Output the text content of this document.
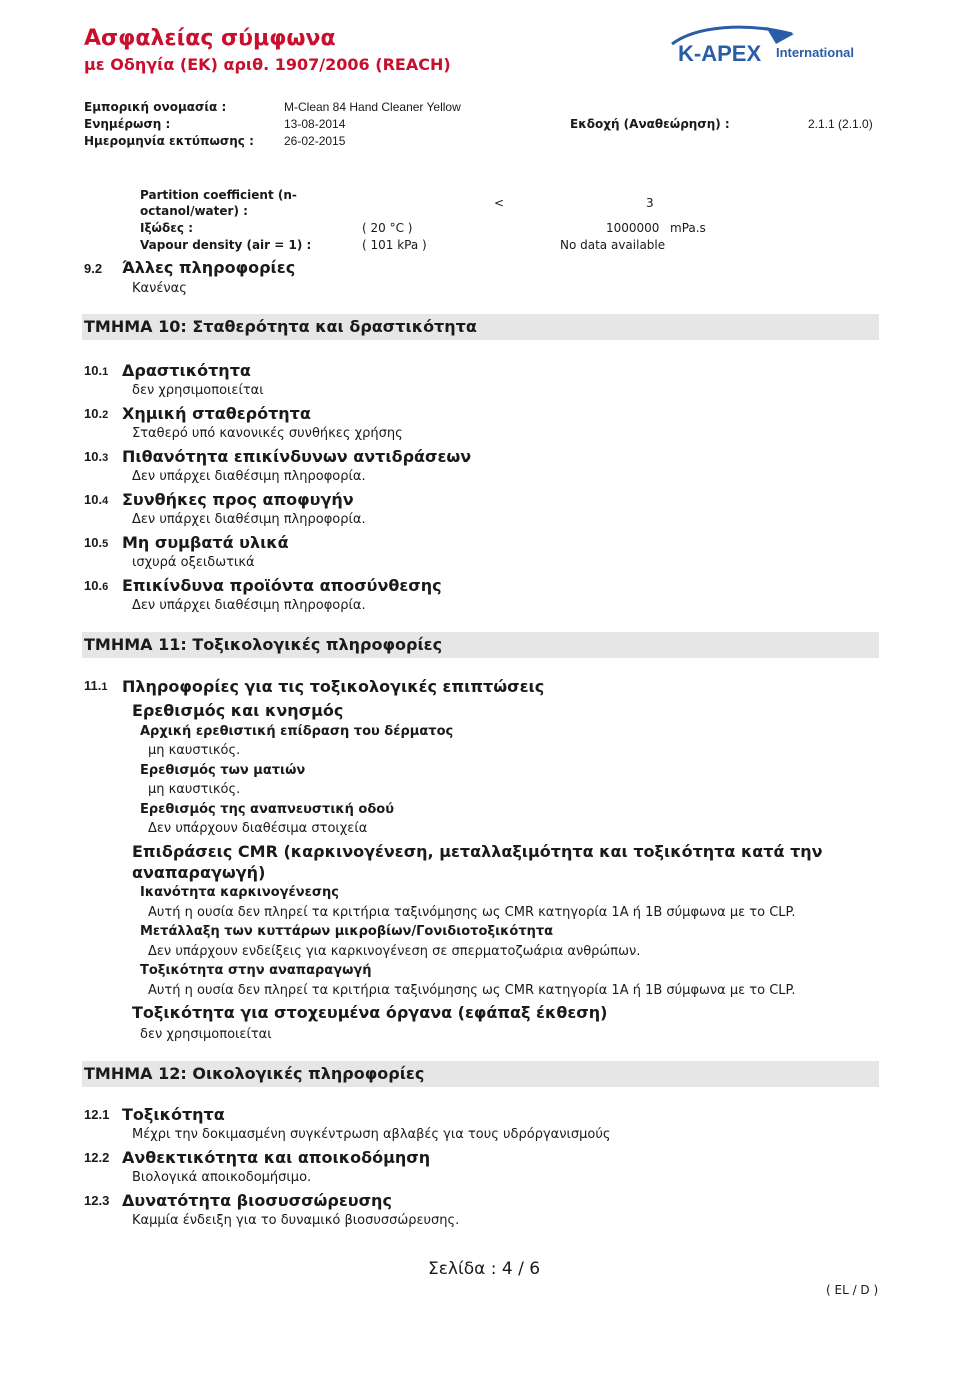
Ασφαλείας σύμφωνα
με Οδηγία (ΕΚ) αριθ. 1907/2006 (REACH)	K-APEX International
Εμπορική ονομασία :	M-Clean 84 Hand Cleaner Yellow
Ενημέρωση :	13-08-2014	Εκδοχή (Αναθεώρηση) :	2.1.1 (2.1.0)
Ημερομηνία εκτύπωσης :	26-02-2015
Partition coefficient (n-
octanol/water) :
<	3
Ιξώδες :	( 20 °C )	1000000 mPa.s
Vapour density (air = 1) :	( 101 kPa )	No data available
9.2 Άλλες πληροφορίες
Κανένας
ΤΜΗΜΑ 10: Σταθερότητα και δραστικότητα
10.1 Δραστικότητα
δεν χρησιμοποιείται
10.2 Χημική σταθερότητα
Σταθερό υπό κανονικές συνθήκες χρήσης
10.3 Πιθανότητα επικίνδυνων αντιδράσεων
Δεν υπάρχει διαθέσιμη πληροφορία.
10.4 Συνθήκες προς αποφυγήν
Δεν υπάρχει διαθέσιμη πληροφορία.
10.5 Μη συμβατά υλικά
ισχυρά οξειδωτικά
10.6 Επικίνδυνα προϊόντα αποσύνθεσης
Δεν υπάρχει διαθέσιμη πληροφορία.
ΤΜΗΜΑ 11: Τοξικολογικές πληροφορίες
11.1 Πληροφορίες για τις τοξικολογικές επιπτώσεις
Ερεθισμός και κνησμός
Αρχική ερεθιστική επίδραση του δέρματος
μη καυστικός.
Ερεθισμός των ματιών
μη καυστικός.
Ερεθισμός της αναπνευστική οδού
Δεν υπάρχουν διαθέσιμα στοιχεία
Επιδράσεις CMR (καρκινογένεση, μεταλλαξιμότητα και τοξικότητα κατά την
αναπαραγωγή)
Ικανότητα καρκινογένεσης
Αυτή η ουσία δεν πληρεί τα κριτήρια ταξινόμησης ως CMR κατηγορία 1A ή 1B σύμφωνα με το CLP.
Μετάλλαξη των κυττάρων μικροβίων/Γονιδιοτοξικότητα
Δεν υπάρχουν ενδείξεις για καρκινογένεση σε σπερματοζωάρια ανθρώπων.
Τοξικότητα στην αναπαραγωγή
Αυτή η ουσία δεν πληρεί τα κριτήρια ταξινόμησης ως CMR κατηγορία 1A ή 1B σύμφωνα με το CLP.
Τοξικότητα για στοχευμένα όργανα (εφάπαξ έκθεση)
δεν χρησιμοποιείται
ΤΜΗΜΑ 12: Οικολογικές πληροφορίες
12.1 Τοξικότητα
Μέχρι την δοκιμασμένη συγκέντρωση αβλαβές για τους υδρόργανισμούς
12.2 Ανθεκτικότητα και αποικοδόμηση
Βιολογικά αποικοδομήσιμο.
12.3 Δυνατότητα βιοσυσσώρευσης
Καμμία ένδειξη για το δυναμικό βιοσυσσώρευσης.
Σελίδα : 4 / 6
( EL / D )
